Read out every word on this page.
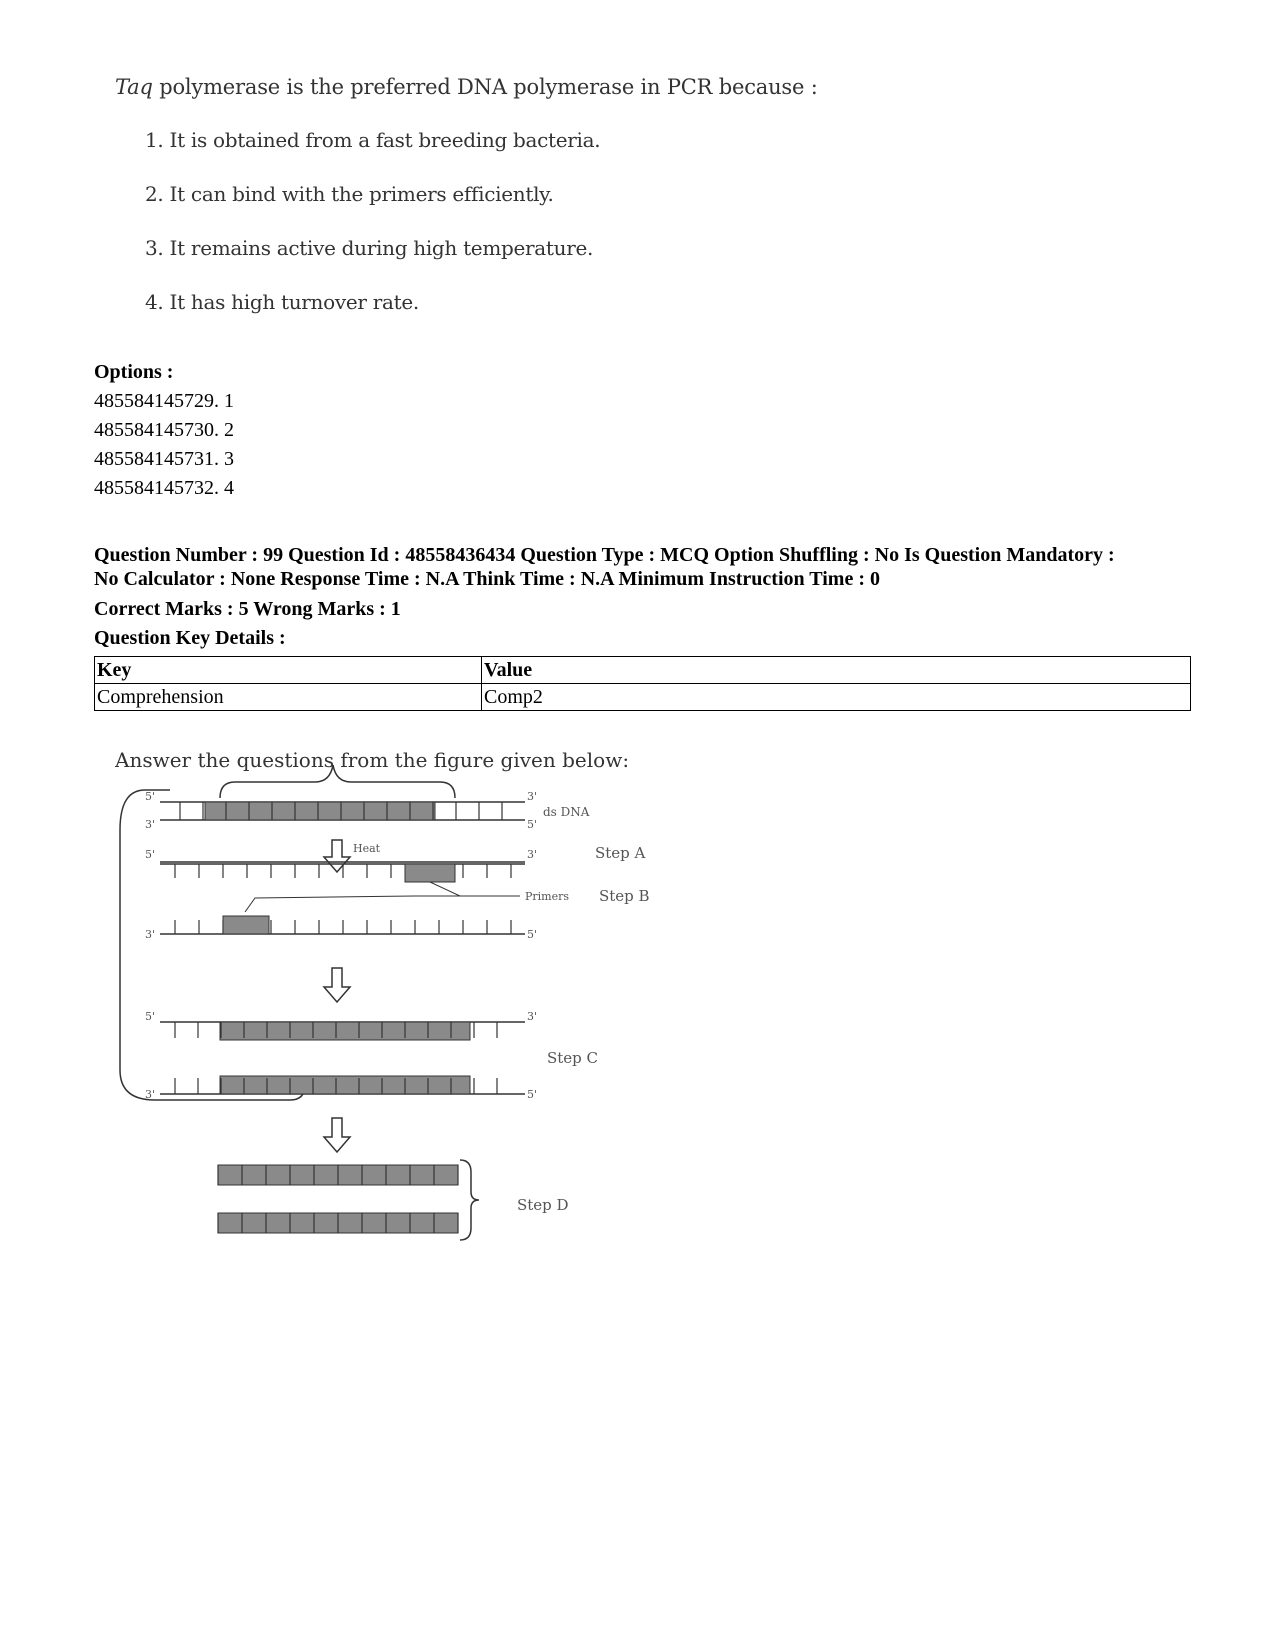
Taq polymerase is the preferred DNA polymerase in PCR because :
1. It is obtained from a fast breeding bacteria.
2. It can bind with the primers efficiently.
3. It remains active during high temperature.
4. It has high turnover rate.
Options :
485584145729. 1
485584145730. 2
485584145731. 3
485584145732. 4
Question Number : 99 Question Id : 48558436434 Question Type : MCQ Option Shuffling : No Is Question Mandatory :
No Calculator : None Response Time : N.A Think Time : N.A Minimum Instruction Time : 0
Correct Marks : 5 Wrong Marks : 1
Question Key Details :
Key	Value
Comprehension	Comp2
Answer the questions from the figure given below:
5'
3'
3'
5'
ds DNA
Heat	Step A
5'	3'
Primers Step B
3'	5'
5'	3'
3'	5'
Step C
Step D
